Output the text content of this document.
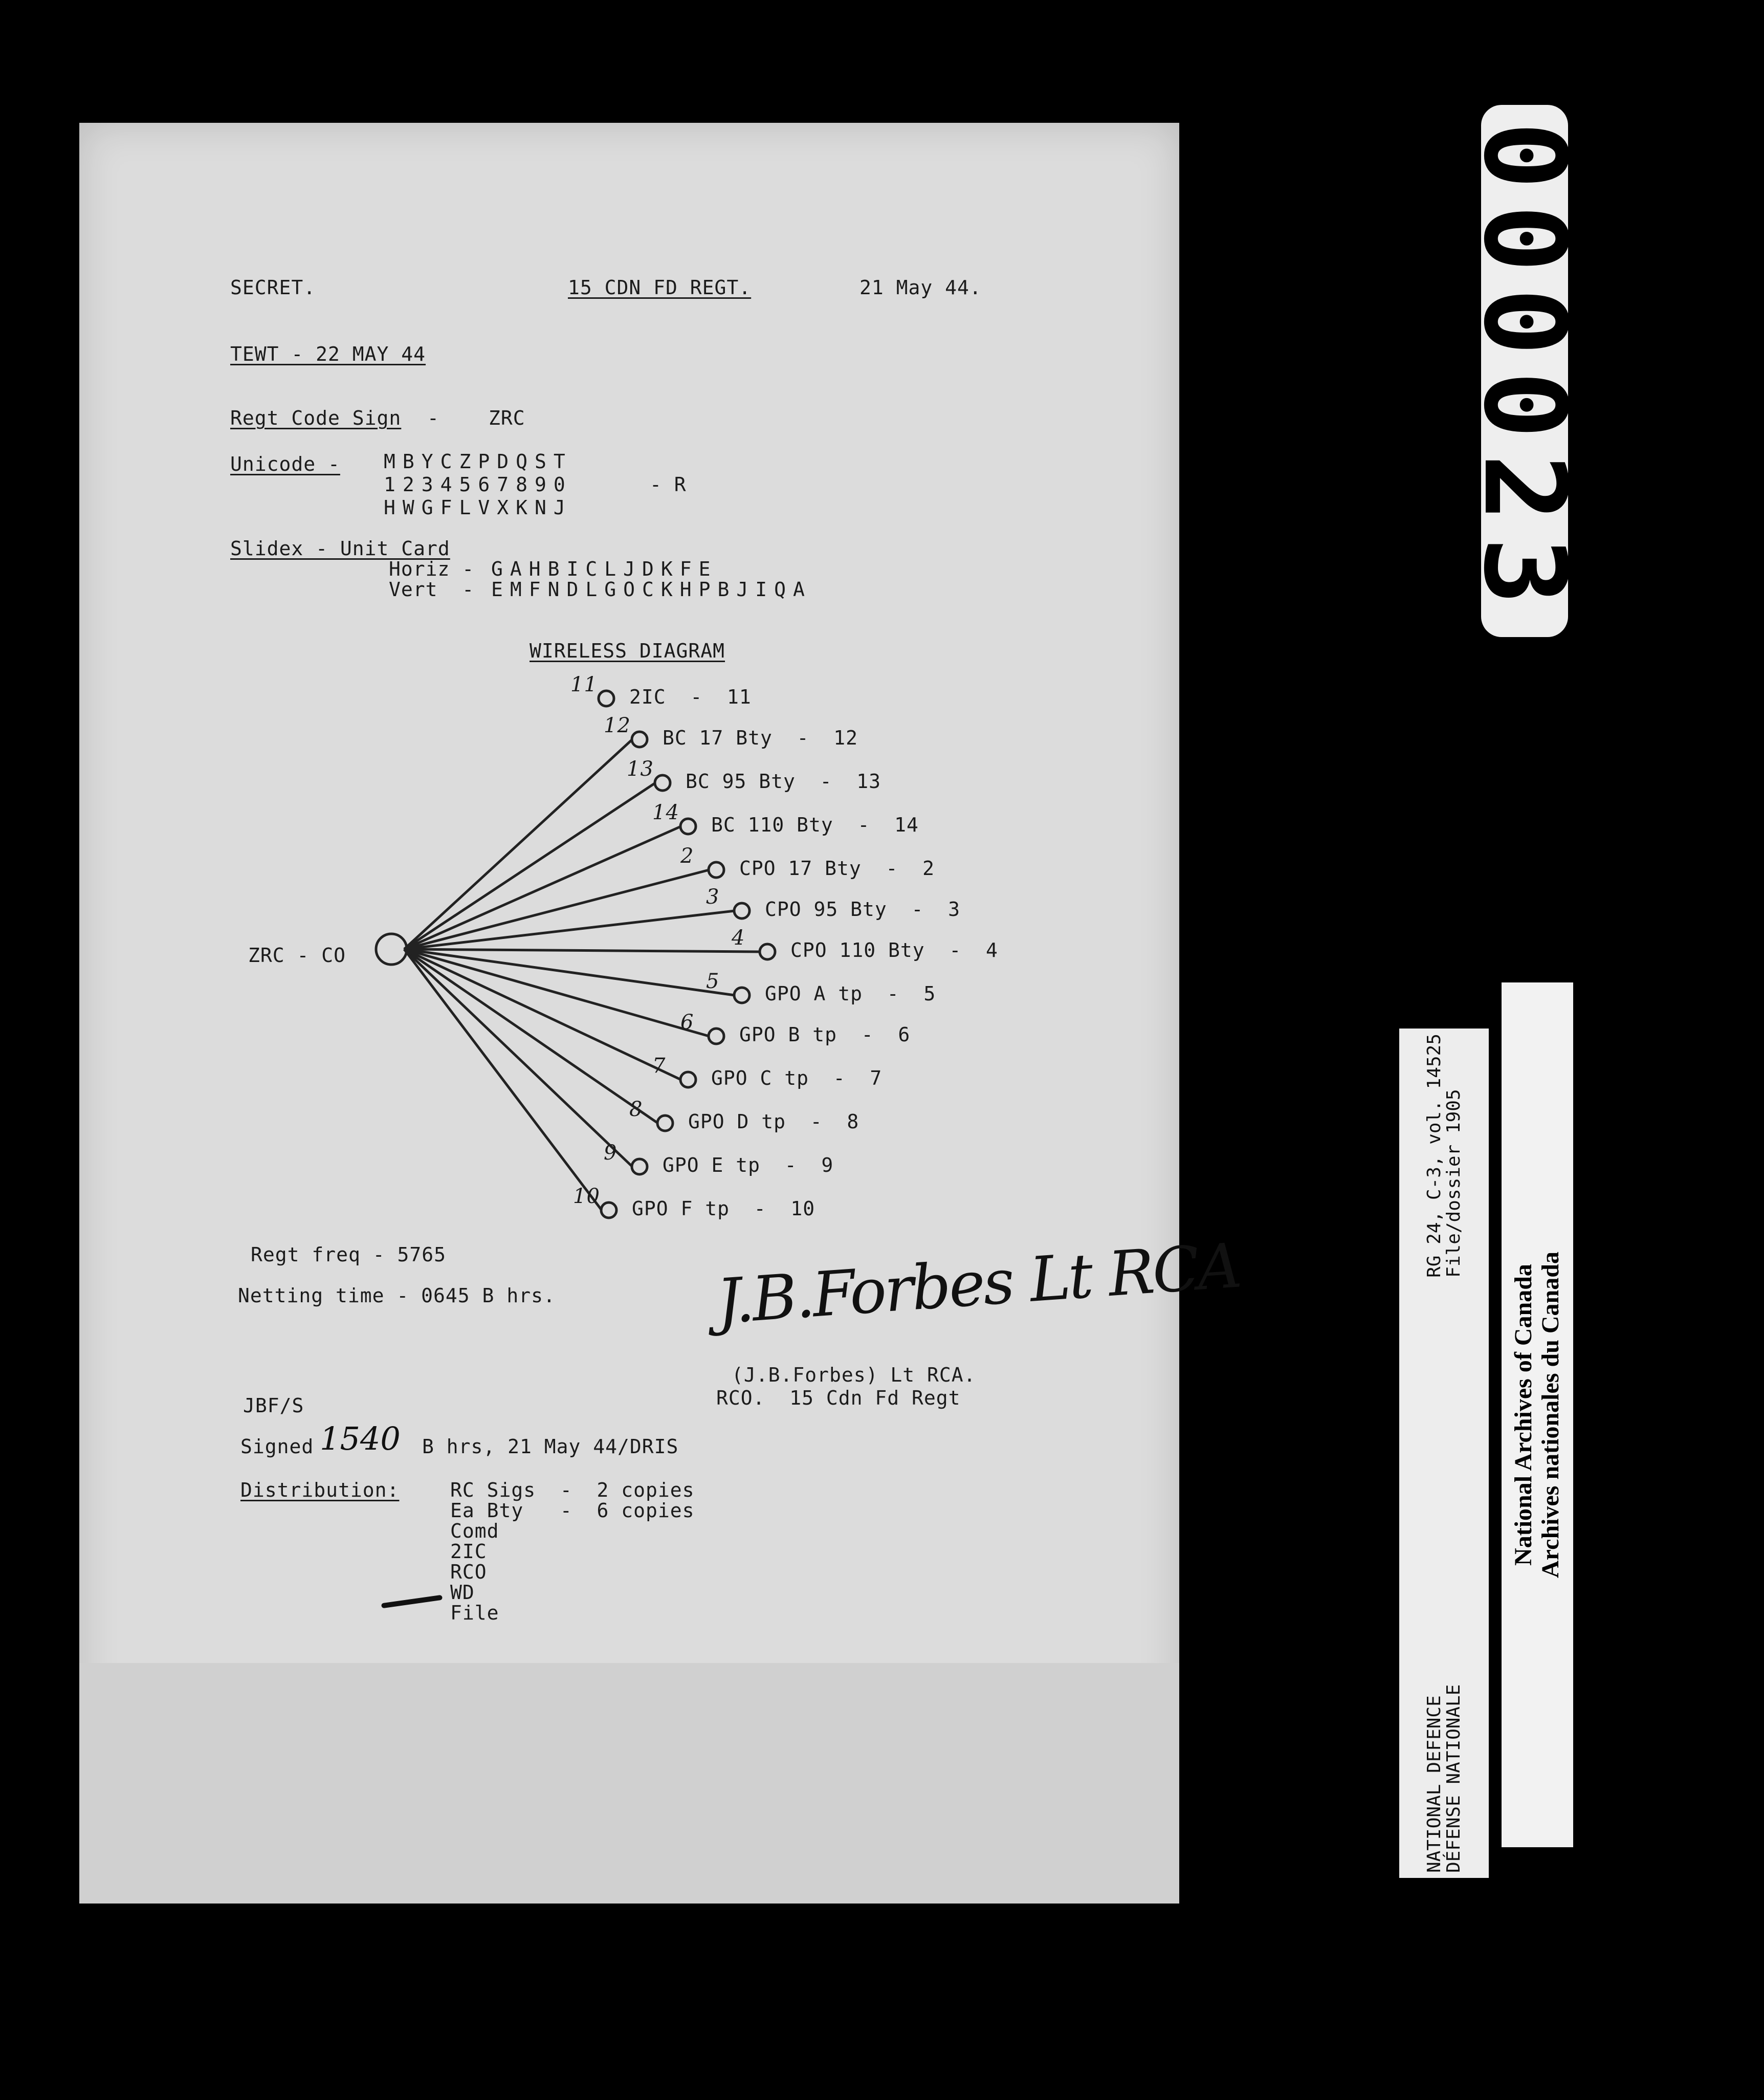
SECRET.	15 CDN FD REGT.	21 May 44.
TEWT - 22 MAY 44
Regt Code Sign -	ZRC
Unicode - MBYCZPDQST
1234567890	- R
HWGFLVXKNJ
Slidex - Unit Card
Horiz - GAHBICLJDKFE
Vert  - EMFNDLGOCKHPBJIQA
WIRELESS DIAGRAM
ZRC - CO
11
2IC  -  11
12
BC 17 Bty  -  12
13
BC 95 Bty  -  13
14
BC 110 Bty  -  14
2
CPO 17 Bty  -  2
3
CPO 95 Bty  -  3
4
CPO 110 Bty  -  4
5
GPO A tp  -  5
6
GPO B tp  -  6
7
GPO C tp  -  7
8
GPO D tp  -  8
9
GPO E tp  -  9
10
GPO F tp  -  10
Regt freq - 5765
Netting time - 0645 B hrs.	J.B.Forbes Lt RCA
(J.B.Forbes) Lt RCA.
RCO.  15 Cdn Fd Regt
JBF/S
Signed 1540 B hrs, 21 May 44/DRIS
Distribution:	RC Sigs  -  2 copies
Ea Bty   -  6 copies
Comd
2IC
RCO
WD
File
000023
NATIONAL DEFENCE
DÉFENSE NATIONALE
RG 24, C-3, vol. 14525
File/dossier 1905
National Archives of Canada Archives nationales du Canada
